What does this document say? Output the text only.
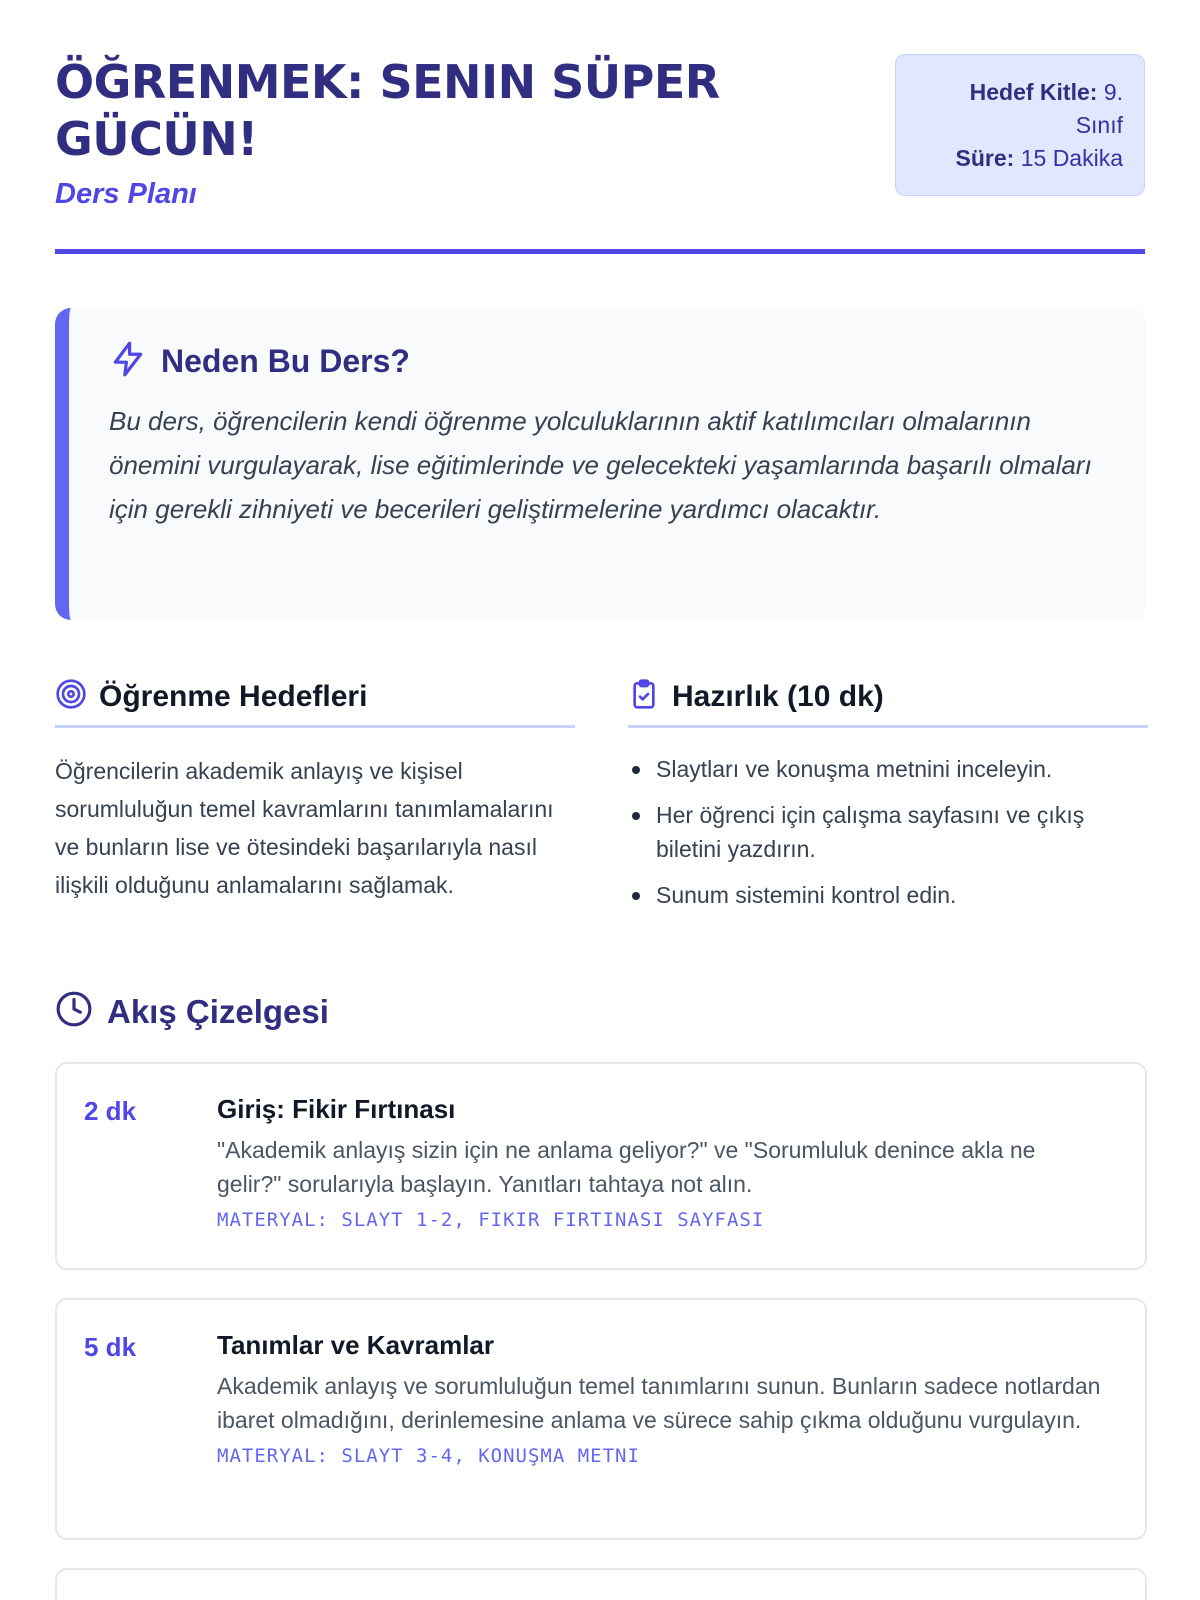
ÖĞRENMEK: SENIN SÜPER GÜCÜN!
Ders Planı
Hedef Kitle: 9. Sınıf
Süre: 15 Dakika
Neden Bu Ders?

Bu ders, öğrencilerin kendi öğrenme yolculuklarının aktif katılımcıları olmalarının önemini vurgulayarak, lise eğitimlerinde ve gelecekteki yaşamlarında başarılı olmaları için gerekli zihniyeti ve becerileri geliştirmelerine yardımcı olacaktır.

Öğrenme Hedefleri

Öğrencilerin akademik anlayış ve kişisel sorumluluğun temel kavramlarını tanımlamalarını ve bunların lise ve ötesindeki başarılarıyla nasıl ilişkili olduğunu anlamalarını sağlamak.

Hazırlık (10 dk)
Slaytları ve konuşma metnini inceleyin.
Her öğrenci için çalışma sayfasını ve çıkış biletini yazdırın.
Sunum sistemini kontrol edin.
Akış Çizelgesi
2 dk	Giriş: Fikir Fırtınası
"Akademik anlayış sizin için ne anlama geliyor?" ve "Sorumluluk denince akla ne gelir?" sorularıyla başlayın. Yanıtları tahtaya not alın.
MATERYAL: SLAYT 1-2, FIKIR FIRTINASI SAYFASI
5 dk	Tanımlar ve Kavramlar
Akademik anlayış ve sorumluluğun temel tanımlarını sunun. Bunların sadece notlardan ibaret olmadığını, derinlemesine anlama ve sürece sahip çıkma olduğunu vurgulayın.
MATERYAL: SLAYT 3-4, KONUŞMA METNI
